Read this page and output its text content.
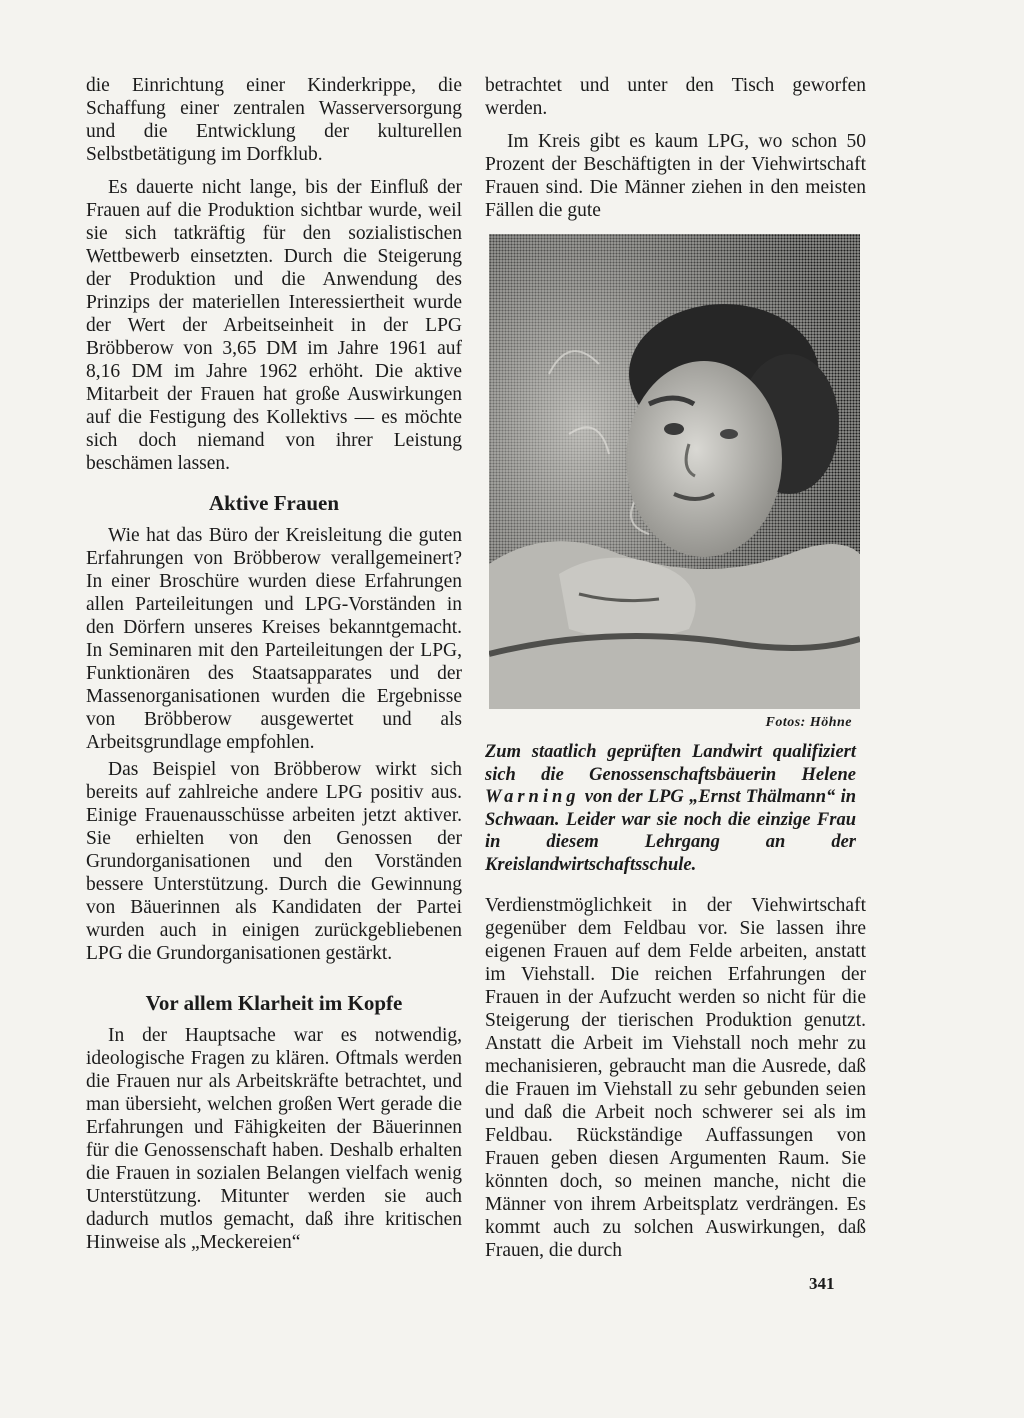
die Einrichtung einer Kinderkrippe, die Schaffung einer zentralen Wasserversorgung und die Entwicklung der kulturellen Selbstbetätigung im Dorfklub.

Es dauerte nicht lange, bis der Einfluß der Frauen auf die Produktion sichtbar wurde, weil sie sich tatkräftig für den sozialistischen Wettbewerb einsetzten. Durch die Steigerung der Produktion und die Anwendung des Prinzips der materiellen Interessiertheit wurde der Wert der Arbeitseinheit in der LPG Bröbberow von 3,65 DM im Jahre 1961 auf 8,16 DM im Jahre 1962 erhöht. Die aktive Mitarbeit der Frauen hat große Auswirkungen auf die Festigung des Kollektivs — es möchte sich doch niemand von ihrer Leistung beschämen lassen.

Aktive Frauen

Wie hat das Büro der Kreisleitung die guten Erfahrungen von Bröbberow verallgemeinert? In einer Broschüre wurden diese Erfahrungen allen Parteileitungen und LPG-Vorständen in den Dörfern unseres Kreises bekanntgemacht. In Seminaren mit den Parteileitungen der LPG, Funktionären des Staatsapparates und der Massenorganisationen wurden die Ergebnisse von Bröbberow ausgewertet und als Arbeitsgrundlage empfohlen.

Das Beispiel von Bröbberow wirkt sich bereits auf zahlreiche andere LPG positiv aus. Einige Frauenausschüsse arbeiten jetzt aktiver. Sie erhielten von den Genossen der Grundorganisationen und den Vorständen bessere Unterstützung. Durch die Gewinnung von Bäuerinnen als Kandidaten der Partei wurden auch in einigen zurückgebliebenen LPG die Grundorganisationen gestärkt.

Vor allem Klarheit im Kopfe

In der Hauptsache war es notwendig, ideologische Fragen zu klären. Oftmals werden die Frauen nur als Arbeitskräfte betrachtet, und man übersieht, welchen großen Wert gerade die Erfahrungen und Fähigkeiten der Bäuerinnen für die Genossenschaft haben. Deshalb erhalten die Frauen in sozialen Belangen vielfach wenig Unterstützung. Mitunter werden sie auch dadurch mutlos gemacht, daß ihre kritischen Hinweise als „Meckereien“

betrachtet und unter den Tisch geworfen werden.

Im Kreis gibt es kaum LPG, wo schon 50 Prozent der Beschäftigten in der Viehwirtschaft Frauen sind. Die Männer ziehen in den meisten Fällen die gute

Fotos: Höhne
Zum staatlich geprüften Landwirt qualifiziert sich die Genossenschaftsbäuerin Helene Warning von der LPG „Ernst Thälmann“ in Schwaan. Leider war sie noch die einzige Frau in diesem Lehrgang an der Kreislandwirtschaftsschule.

Verdienstmöglichkeit in der Viehwirtschaft gegenüber dem Feldbau vor. Sie lassen ihre eigenen Frauen auf dem Felde arbeiten, anstatt im Viehstall. Die reichen Erfahrungen der Frauen in der Aufzucht werden so nicht für die Steigerung der tierischen Produktion genutzt. Anstatt die Arbeit im Viehstall noch mehr zu mechanisieren, gebraucht man die Ausrede, daß die Frauen im Viehstall zu sehr gebunden seien und daß die Arbeit noch schwerer sei als im Feldbau. Rückständige Auffassungen von Frauen geben diesen Argumenten Raum. Sie könnten doch, so meinen manche, nicht die Männer von ihrem Arbeitsplatz verdrängen. Es kommt auch zu solchen Auswirkungen, daß Frauen, die durch

341
